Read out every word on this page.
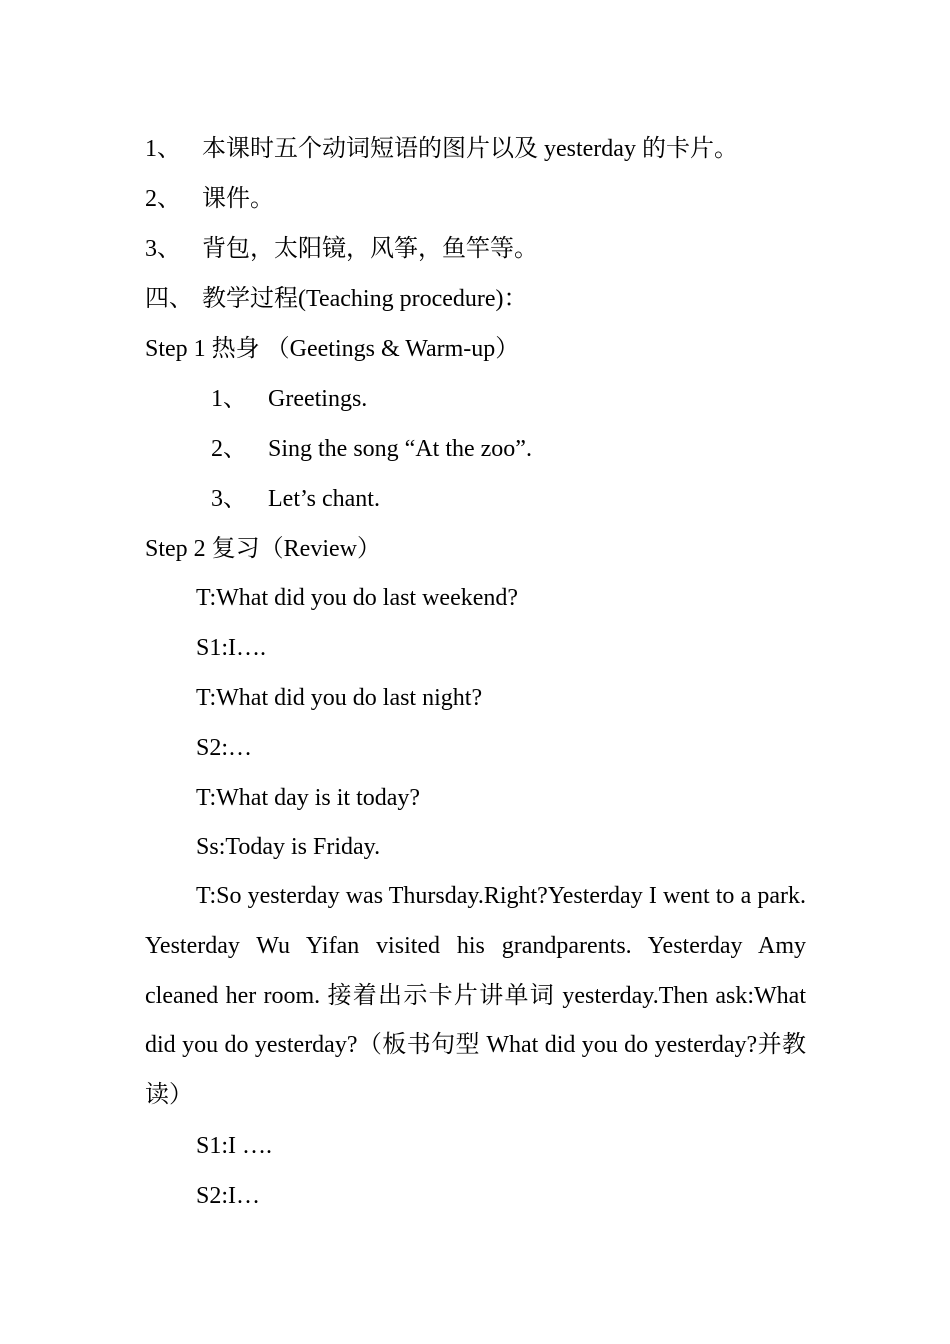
1、 本课时五个动词短语的图片以及 yesterday 的卡片。
2、 课件。
3、 背包，太阳镜，风筝，鱼竿等。
四、 教学过程(Teaching procedure)：
Step 1 热身 （Geetings & Warm-up）
1、 Greetings.
2、 Sing the song “At the zoo”.
3、 Let’s chant.
Step 2 复习（Review）
T:What did you do last weekend?
S1:I….
T:What did you do last night?
S2:…
T:What day is it today?
Ss:Today is Friday.
T:So yesterday was Thursday.Right?Yesterday I went to a park. Yesterday Wu Yifan visited his grandparents. Yesterday Amy cleaned her room. 接着出示卡片讲单词 yesterday.Then ask:What did you do yesterday?（板书句型 What did you do yesterday?并教读）
S1:I ….
S2:I…
